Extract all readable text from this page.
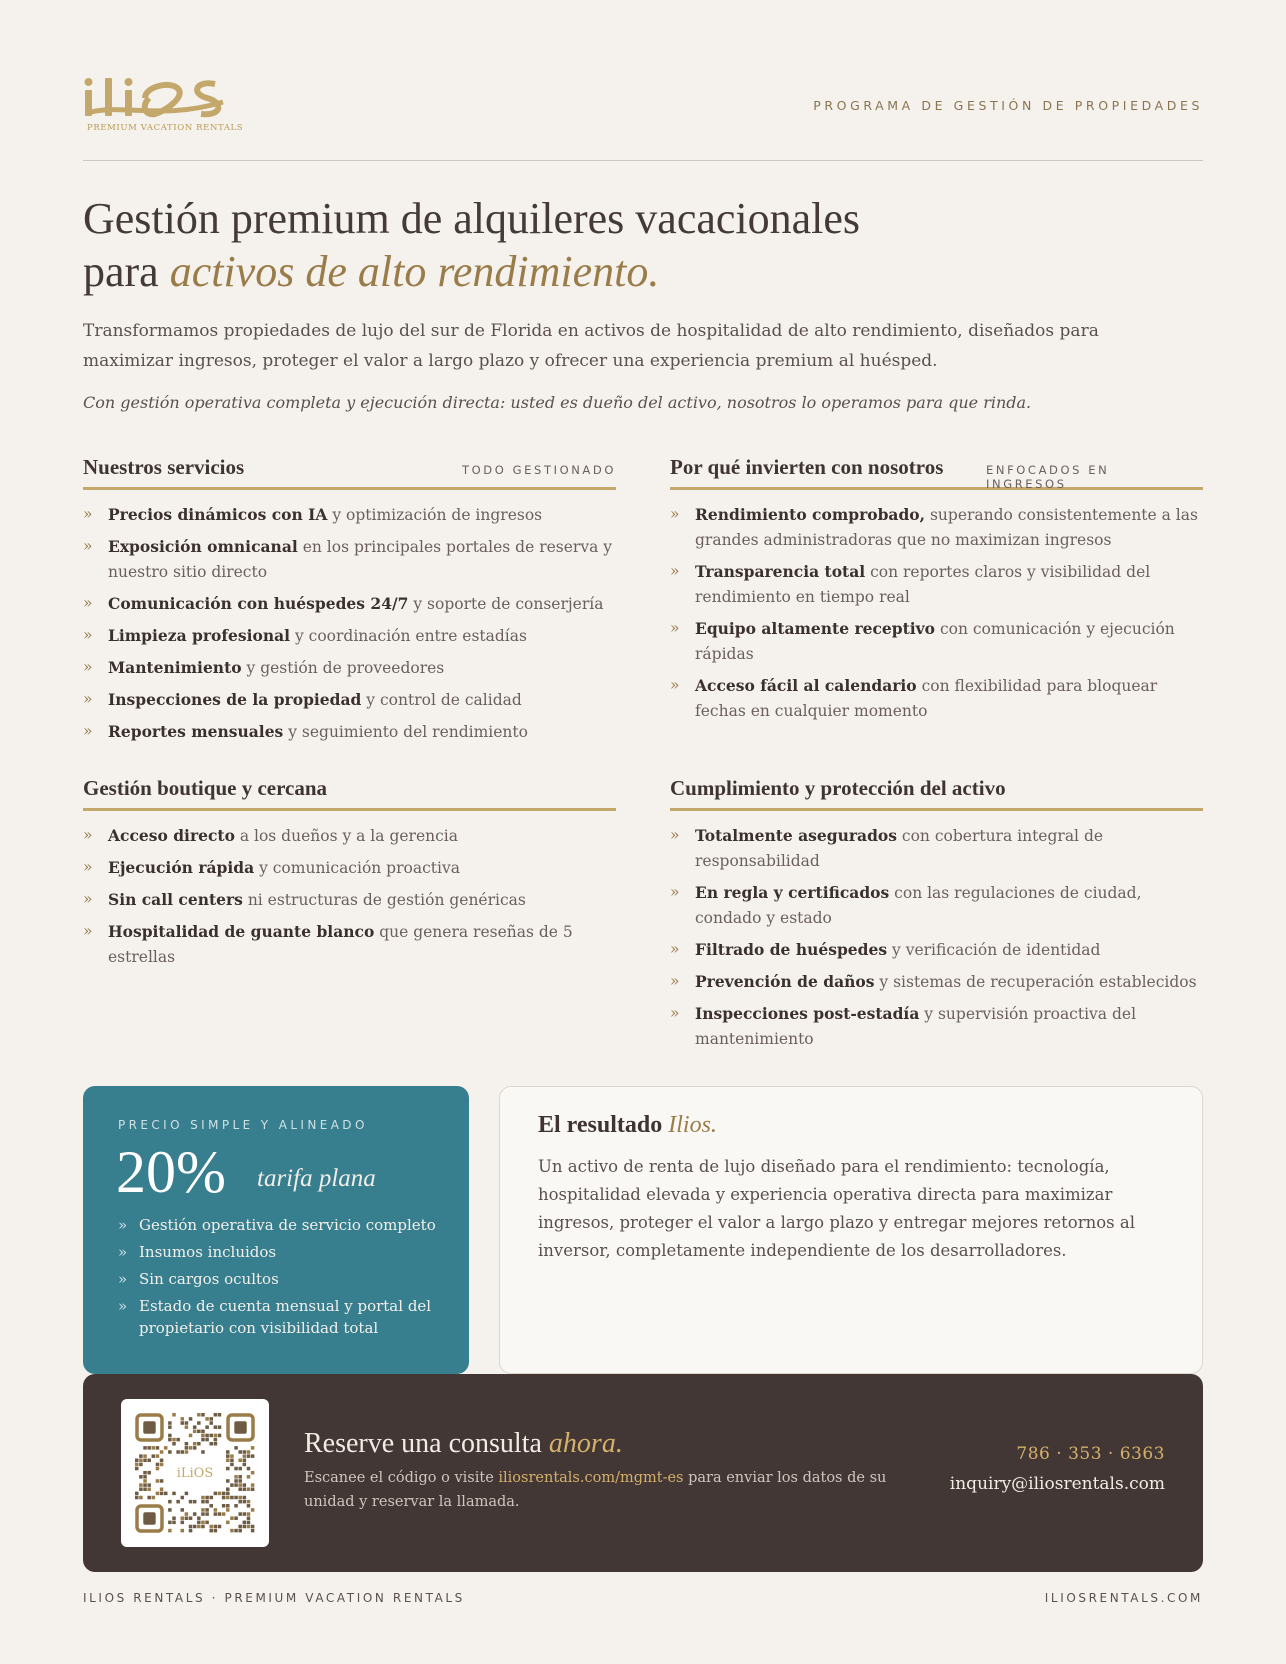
PREMIUM VACATION RENTALS
PROGRAMA DE GESTIÓN DE PROPIEDADES
Gestión premium de alquileres vacacionales
para activos de alto rendimiento.

Transformamos propiedades de lujo del sur de Florida en activos de hospitalidad de alto rendimiento, diseñados para maximizar ingresos, proteger el valor a largo plazo y ofrecer una experiencia premium al huésped.

Con gestión operativa completa y ejecución directa: usted es dueño del activo, nosotros lo operamos para que rinda.

Nuestros servicios	TODO GESTIONADO
» Precios dinámicos con IA y optimización de ingresos
» Exposición omnicanal en los principales portales de reserva y nuestro sitio directo
» Comunicación con huéspedes 24/7 y soporte de conserjería
» Limpieza profesional y coordinación entre estadías
» Mantenimiento y gestión de proveedores
» Inspecciones de la propiedad y control de calidad
» Reportes mensuales y seguimiento del rendimiento
Por qué invierten con nosotros	ENFOCADOS EN INGRESOS
» Rendimiento comprobado, superando consistentemente a las grandes administradoras que no maximizan ingresos
» Transparencia total con reportes claros y visibilidad del rendimiento en tiempo real
» Equipo altamente receptivo con comunicación y ejecución rápidas
» Acceso fácil al calendario con flexibilidad para bloquear fechas en cualquier momento
Gestión boutique y cercana
» Acceso directo a los dueños y a la gerencia
» Ejecución rápida y comunicación proactiva
» Sin call centers ni estructuras de gestión genéricas
» Hospitalidad de guante blanco que genera reseñas de 5 estrellas
Cumplimiento y protección del activo
» Totalmente asegurados con cobertura integral de responsabilidad
» En regla y certificados con las regulaciones de ciudad, condado y estado
» Filtrado de huéspedes y verificación de identidad
» Prevención de daños y sistemas de recuperación establecidos
» Inspecciones post-estadía y supervisión proactiva del mantenimiento
PRECIO SIMPLE Y ALINEADO
20% tarifa plana
» Gestión operativa de servicio completo
» Insumos incluidos
» Sin cargos ocultos
» Estado de cuenta mensual y portal del propietario con visibilidad total
El resultado Ilios.

Un activo de renta de lujo diseñado para el rendimiento: tecnología, hospitalidad elevada y experiencia operativa directa para maximizar ingresos, proteger el valor a largo plazo y entregar mejores retornos al inversor, completamente independiente de los desarrolladores.

iLiOS
Reserve una consulta ahora.

Escanee el código o visite iliosrentals.com/mgmt-es para enviar los datos de su unidad y reservar la llamada.

786 · 353 · 6363
inquiry@iliosrentals.com
ILIOS RENTALS · PREMIUM VACATION RENTALS	ILIOSRENTALS.COM
